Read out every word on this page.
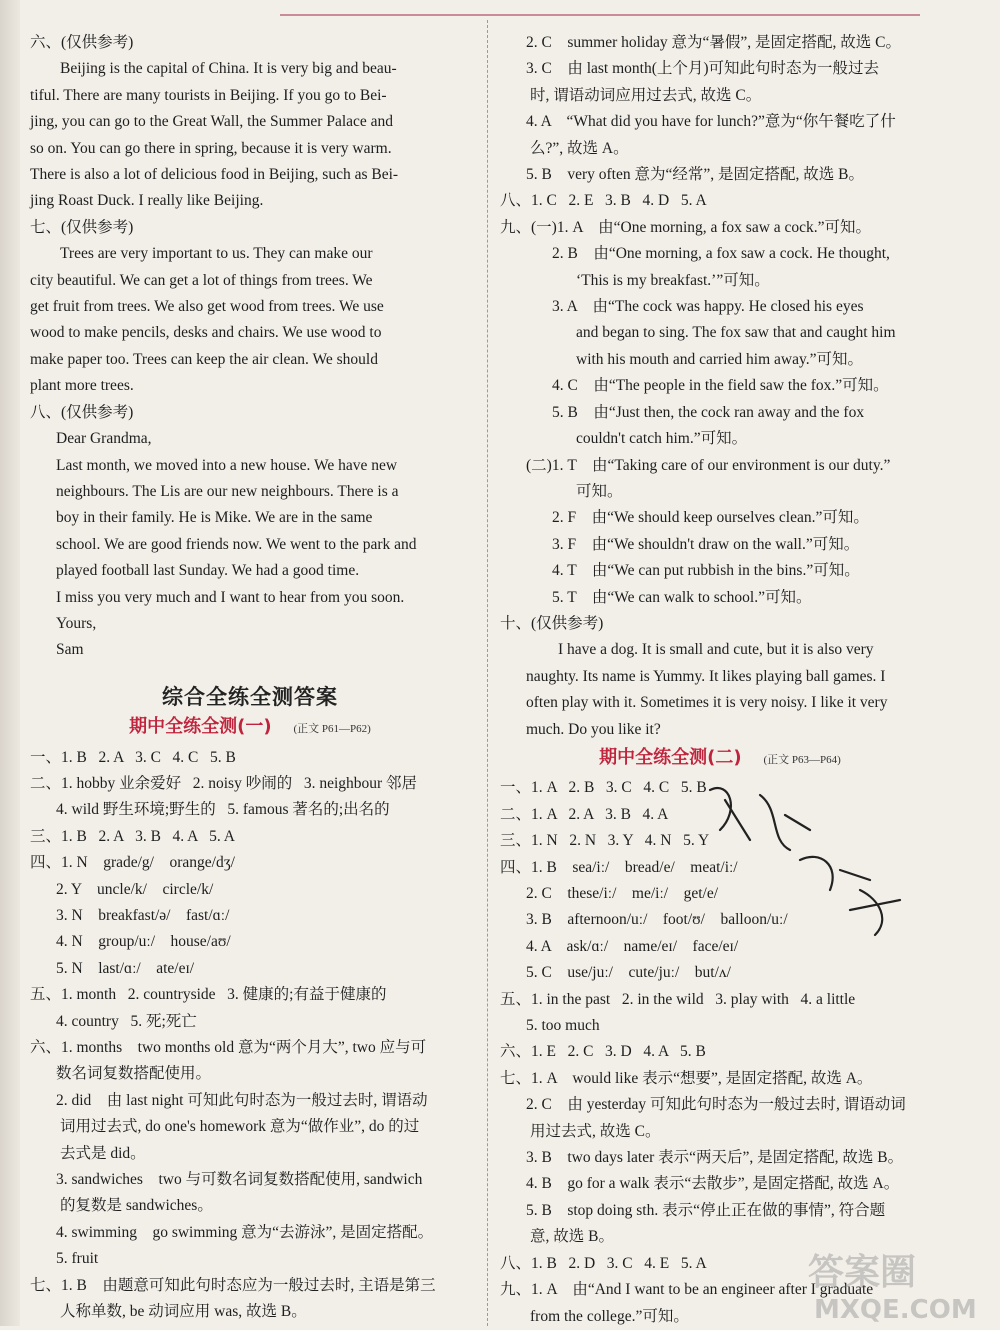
六、(仅供参考)
Beijing is the capital of China. It is very big and beau-
tiful. There are many tourists in Beijing. If you go to Bei-
jing, you can go to the Great Wall, the Summer Palace and
so on. You can go there in spring, because it is very warm.
There is also a lot of delicious food in Beijing, such as Bei-
jing Roast Duck. I really like Beijing.
七、(仅供参考)
Trees are very important to us. They can make our
city beautiful. We can get a lot of things from trees. We
get fruit from trees. We also get wood from trees. We use
wood to make pencils, desks and chairs. We use wood to
make paper too. Trees can keep the air clean. We should
plant more trees.
八、(仅供参考)
Dear Grandma,
Last month, we moved into a new house. We have new
neighbours. The Lis are our new neighbours. There is a
boy in their family. He is Mike. We are in the same
school. We are good friends now. We went to the park and
played football last Sunday. We had a good time.
I miss you very much and I want to hear from you soon.
Yours,
Sam
综合全练全测答案
期中全练全测(一) (正文 P61—P62)
一、1. B   2. A   3. C   4. C   5. B
二、1. hobby 业余爱好   2. noisy 吵闹的   3. neighbour 邻居
4. wild 野生环境;野生的   5. famous 著名的;出名的
三、1. B   2. A   3. B   4. A   5. A
四、1. N    grade/g/    orange/dʒ/
2. Y    uncle/k/    circle/k/
3. N    breakfast/ə/    fast/ɑː/
4. N    group/uː/    house/aʊ/
5. N    last/ɑː/    ate/eɪ/
五、1. month   2. countryside   3. 健康的;有益于健康的
4. country   5. 死;死亡
六、1. months    two months old 意为“两个月大”, two 应与可
数名词复数搭配使用。
2. did    由 last night 可知此句时态为一般过去时, 谓语动
词用过去式, do one's homework 意为“做作业”, do 的过
去式是 did。
3. sandwiches    two 与可数名词复数搭配使用, sandwich
的复数是 sandwiches。
4. swimming    go swimming 意为“去游泳”, 是固定搭配。
5. fruit
七、1. B    由题意可知此句时态应为一般过去时, 主语是第三
人称单数, be 动词应用 was, 故选 B。
2. C    summer holiday 意为“暑假”, 是固定搭配, 故选 C。
3. C    由 last month(上个月)可知此句时态为一般过去
时, 谓语动词应用过去式, 故选 C。
4. A    “What did you have for lunch?”意为“你午餐吃了什
么?”, 故选 A。
5. B    very often 意为“经常”, 是固定搭配, 故选 B。
八、1. C   2. E   3. B   4. D   5. A
九、(一)1. A    由“One morning, a fox saw a cock.”可知。
2. B    由“One morning, a fox saw a cock. He thought,
‘This is my breakfast.’”可知。
3. A    由“The cock was happy. He closed his eyes
and began to sing. The fox saw that and caught him
with his mouth and carried him away.”可知。
4. C    由“The people in the field saw the fox.”可知。
5. B    由“Just then, the cock ran away and the fox
couldn't catch him.”可知。
(二)1. T    由“Taking care of our environment is our duty.”
可知。
2. F    由“We should keep ourselves clean.”可知。
3. F    由“We shouldn't draw on the wall.”可知。
4. T    由“We can put rubbish in the bins.”可知。
5. T    由“We can walk to school.”可知。
十、(仅供参考)
I have a dog. It is small and cute, but it is also very
naughty. Its name is Yummy. It likes playing ball games. I
often play with it. Sometimes it is very noisy. I like it very
much. Do you like it?
期中全练全测(二) (正文 P63—P64)
一、1. A   2. B   3. C   4. C   5. B
二、1. A   2. A   3. B   4. A
三、1. N   2. N   3. Y   4. N   5. Y
四、1. B    sea/iː/    bread/e/    meat/iː/
2. C    these/iː/    me/iː/    get/e/
3. B    afternoon/uː/    foot/ʊ/    balloon/uː/
4. A    ask/ɑː/    name/eɪ/    face/eɪ/
5. C    use/juː/    cute/juː/    but/ʌ/
五、1. in the past   2. in the wild   3. play with   4. a little
5. too much
六、1. E   2. C   3. D   4. A   5. B
七、1. A    would like 表示“想要”, 是固定搭配, 故选 A。
2. C    由 yesterday 可知此句时态为一般过去时, 谓语动词
用过去式, 故选 C。
3. B    two days later 表示“两天后”, 是固定搭配, 故选 B。
4. B    go for a walk 表示“去散步”, 是固定搭配, 故选 A。
5. B    stop doing sth. 表示“停止正在做的事情”, 符合题
意, 故选 B。
八、1. B   2. D   3. C   4. E   5. A
九、1. A    由“And I want to be an engineer after I graduate
from the college.”可知。
答案圈
MXQE.COM
